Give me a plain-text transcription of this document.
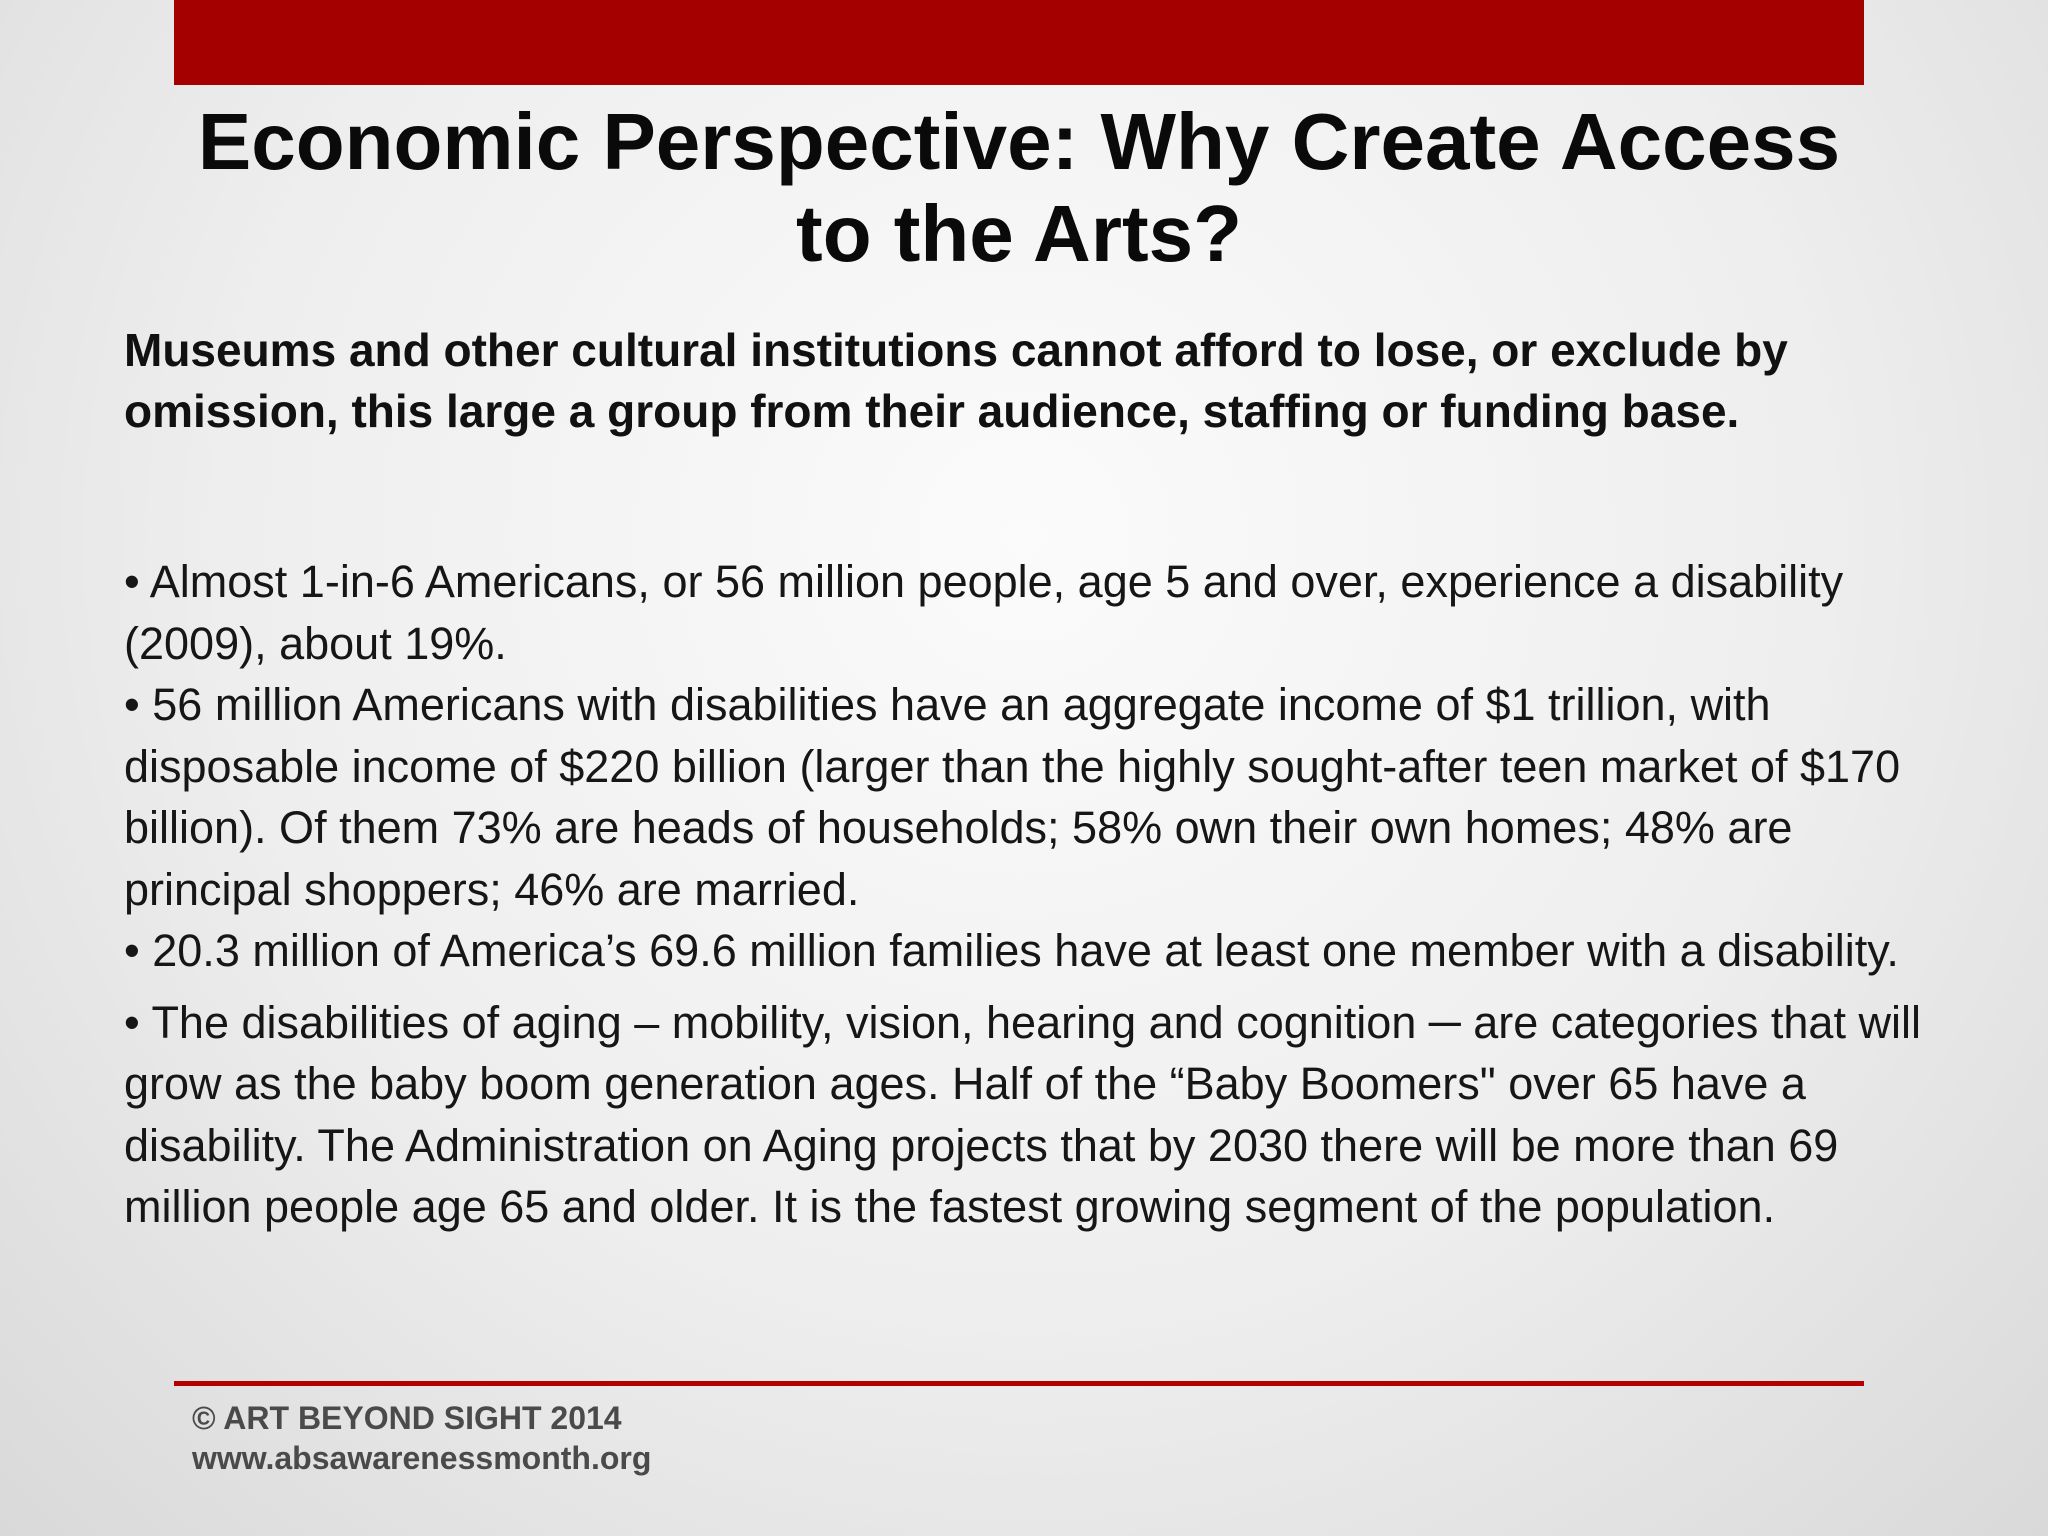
Economic Perspective: Why Create Access to the Arts?

Museums and other cultural institutions cannot afford to lose, or exclude by omission, this large a group from their audience, staffing or funding base.

• Almost 1-in-6 Americans, or 56 million people, age 5 and over, experience a disability (2009), about 19%.
• 56 million Americans with disabilities have an aggregate income of $1 trillion, with disposable income of $220 billion (larger than the highly sought-after teen market of $170 billion). Of them 73% are heads of households; 58% own their own homes; 48% are principal shoppers; 46% are married.
• 20.3 million of America’s 69.6 million families have at least one member with a disability.
• The disabilities of aging – mobility, vision, hearing and cognition ─ are categories that will grow as the baby boom generation ages. Half of the “Baby Boomers" over 65 have a disability. The Administration on Aging projects that by 2030 there will be more than 69 million people age 65 and older. It is the fastest growing segment of the population.
© ART BEYOND SIGHT 2014
www.absawarenessmonth.org
